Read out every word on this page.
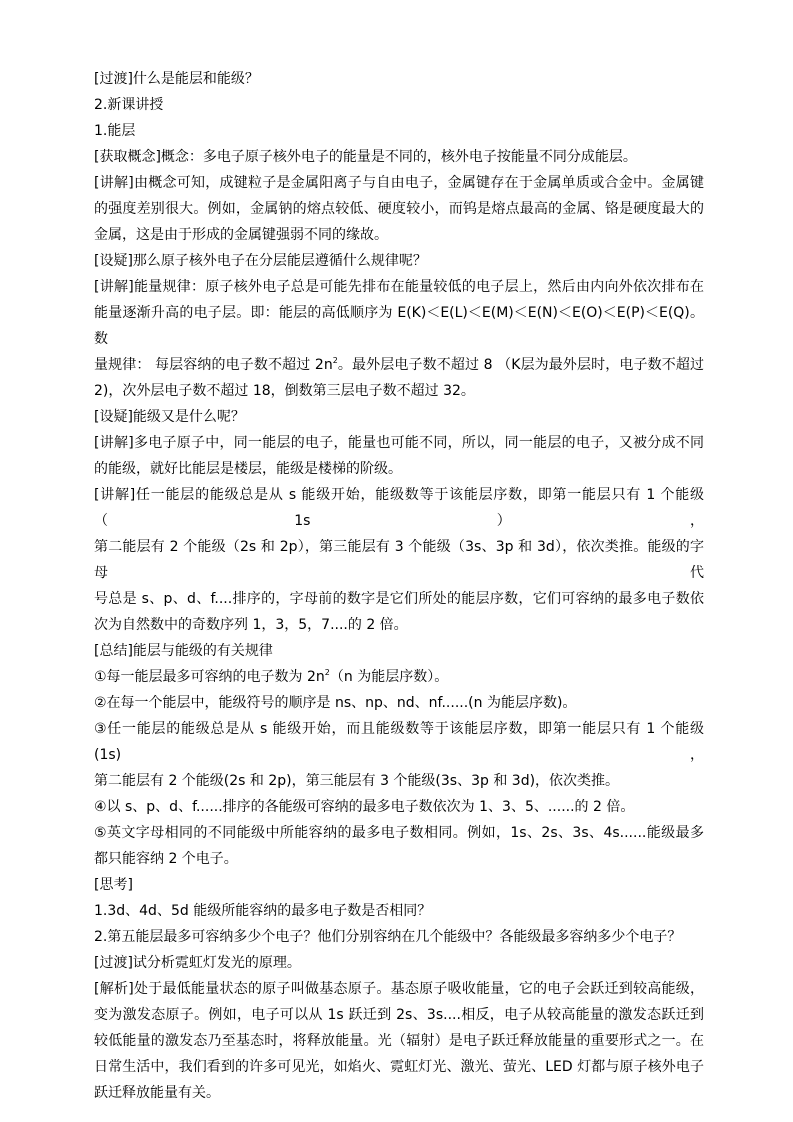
[过渡]什么是能层和能级？

2.新课讲授

1.能层

[获取概念]概念：多电子原子核外电子的能量是不同的，核外电子按能量不同分成能层。

[讲解]由概念可知，成键粒子是金属阳离子与自由电子，金属键存在于金属单质或合金中。金属键

的强度差别很大。例如，金属钠的熔点较低、硬度较小，而钨是熔点最高的金属、铬是硬度最大的

金属，这是由于形成的金属键强弱不同的缘故。

[设疑]那么原子核外电子在分层能层遵循什么规律呢？

[讲解]能量规律：原子核外电子总是可能先排布在能量较低的电子层上，然后由内向外依次排布在

能量逐渐升高的电子层。即：能层的高低顺序为 E(K)＜E(L)＜E(M)＜E(N)＜E(O)＜E(P)＜E(Q)。数

量规律： 每层容纳的电子数不超过 $2n^2$。最外层电子数不超过 8 （K层为最外层时，电子数不超过

2)，次外层电子数不超过 18，倒数第三层电子数不超过 32。

[设疑]能级又是什么呢？

[讲解]多电子原子中，同一能层的电子，能量也可能不同，所以，同一能层的电子，又被分成不同

的能级，就好比能层是楼层，能级是楼梯的阶级。

[讲解]任一能层的能级总是从 s 能级开始，能级数等于该能层序数，即第一能层只有 1 个能级（1s），

第二能层有 2 个能级（2s 和 2p），第三能层有 3 个能级（3s、3p 和 3d），依次类推。能级的字母代

号总是 s、p、d、f....排序的，字母前的数字是它们所处的能层序数，它们可容纳的最多电子数依

次为自然数中的奇数序列 1，3，5，7....的 2 倍。

[总结]能层与能级的有关规律

①每一能层最多可容纳的电子数为 $2n^2(n$ 为能层序数）。

②在每一个能层中，能级符号的顺序是 ns、np、nd、nf......(n 为能层序数)。

③任一能层的能级总是从 s 能级开始，而且能级数等于该能层序数，即第一能层只有 1 个能级(1s)，

第二能层有 2 个能级(2s 和 2p)，第三能层有 3 个能级(3s、3p 和 3d)，依次类推。

④以 s、p、d、f......排序的各能级可容纳的最多电子数依次为 1、3、5、......的 2 倍。

⑤英文字母相同的不同能级中所能容纳的最多电子数相同。例如，1s、2s、3s、4s......能级最多

都只能容纳 2 个电子。

[思考]

1.3d、4d、5d 能级所能容纳的最多电子数是否相同？

2.第五能层最多可容纳多少个电子？他们分别容纳在几个能级中？各能级最多容纳多少个电子？

[过渡]试分析霓虹灯发光的原理。

[解析]处于最低能量状态的原子叫做基态原子。基态原子吸收能量，它的电子会跃迁到较高能级，

变为激发态原子。例如，电子可以从 1s 跃迁到 2s、3s....相反，电子从较高能量的激发态跃迁到

较低能量的激发态乃至基态时，将释放能量。光（辐射）是电子跃迁释放能量的重要形式之一。在

日常生活中，我们看到的许多可见光，如焰火、霓虹灯光、激光、萤光、LED 灯都与原子核外电子

跃迁释放能量有关。
